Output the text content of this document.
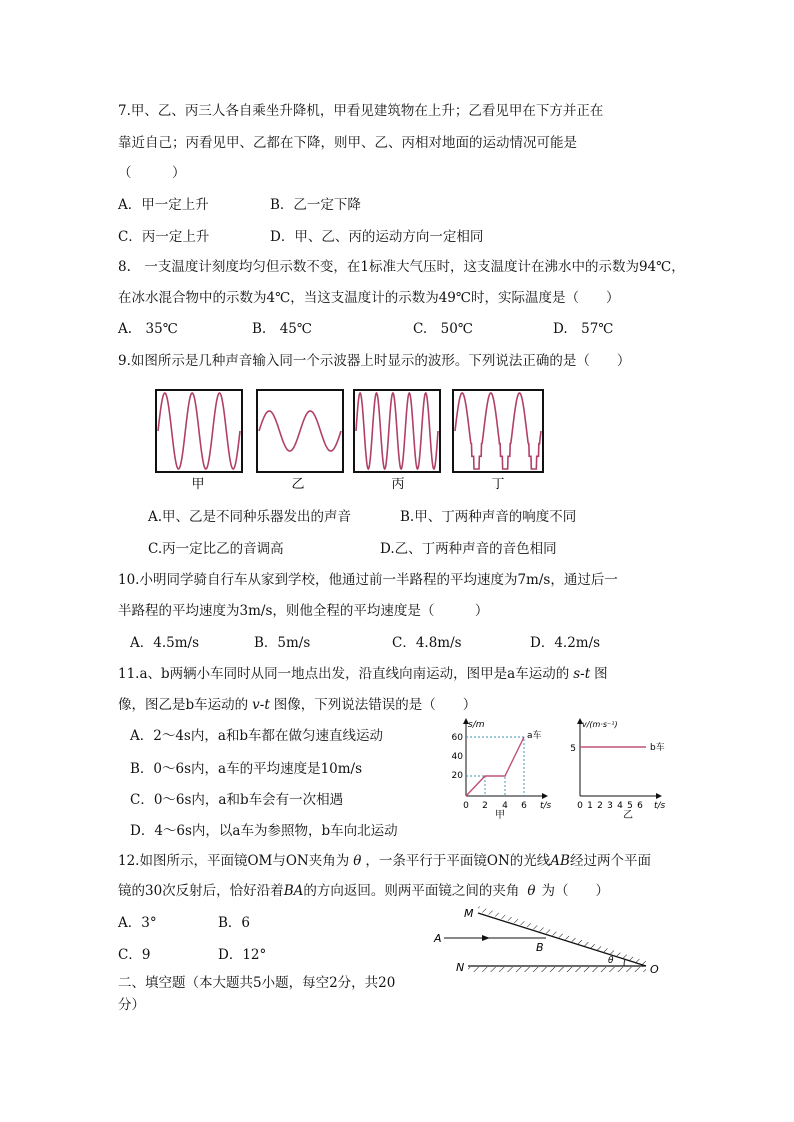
7.甲、乙、丙三人各自乘坐升降机，甲看见建筑物在上升；乙看见甲在下方并正在
靠近自己；丙看见甲、乙都在下降，则甲、乙、丙相对地面的运动情况可能是
（　　　）
A．甲一定上升	B．乙一定下降
C．丙一定上升	D．甲、乙、丙的运动方向一定相同
8.　一支温度计刻度均匀但示数不变，在1标准大气压时，这支温度计在沸水中的示数为94℃，
在冰水混合物中的示数为4℃，当这支温度计的示数为49℃时，实际温度是（　　）
A.　35℃	B.　45℃	C.　50℃	D.　57℃
9.如图所示是几种声音输入同一个示波器上时显示的波形。下列说法正确的是（　　）
甲	乙	丙	丁
A.甲、乙是不同种乐器发出的声音	B.甲、丁两种声音的响度不同
C.丙一定比乙的音调高	D.乙、丁两种声音的音色相同
10.小明同学骑自行车从家到学校，他通过前一半路程的平均速度为7m/s，通过后一
半路程的平均速度为3m/s，则他全程的平均速度是（　　　）
A．4.5m/s	B．5m/s	C．4.8m/s	D．4.2m/s
11.a、b两辆小车同时从同一地点出发，沿直线向南运动，图甲是a车运动的 s-t 图
像，图乙是b车运动的 v-t 图像，下列说法错误的是（　　）
A．2～4s内，a和b车都在做匀速直线运动
B．0～6s内，a车的平均速度是10m/s
C．0～6s内，a和b车会有一次相遇
D．4～6s内，以a车为参照物，b车向北运动
s/m
t/s
60
40
20
0 2 4 6
a车
甲
v/(m·s⁻¹)
t/s
5
0 1 2 3 4 5 6
b车
乙
12.如图所示，平面镜OM与ON夹角为 θ ，一条平行于平面镜ON的光线AB经过两个平面
镜的30次反射后，恰好沿着BA的方向返回。则两平面镜之间的夹角 θ 为（　　）
A．3°	B．6
C．9	D．12°
M
A
B
N	O
θ
二、填空题（本大题共5小题，每空2分，共20
分）
